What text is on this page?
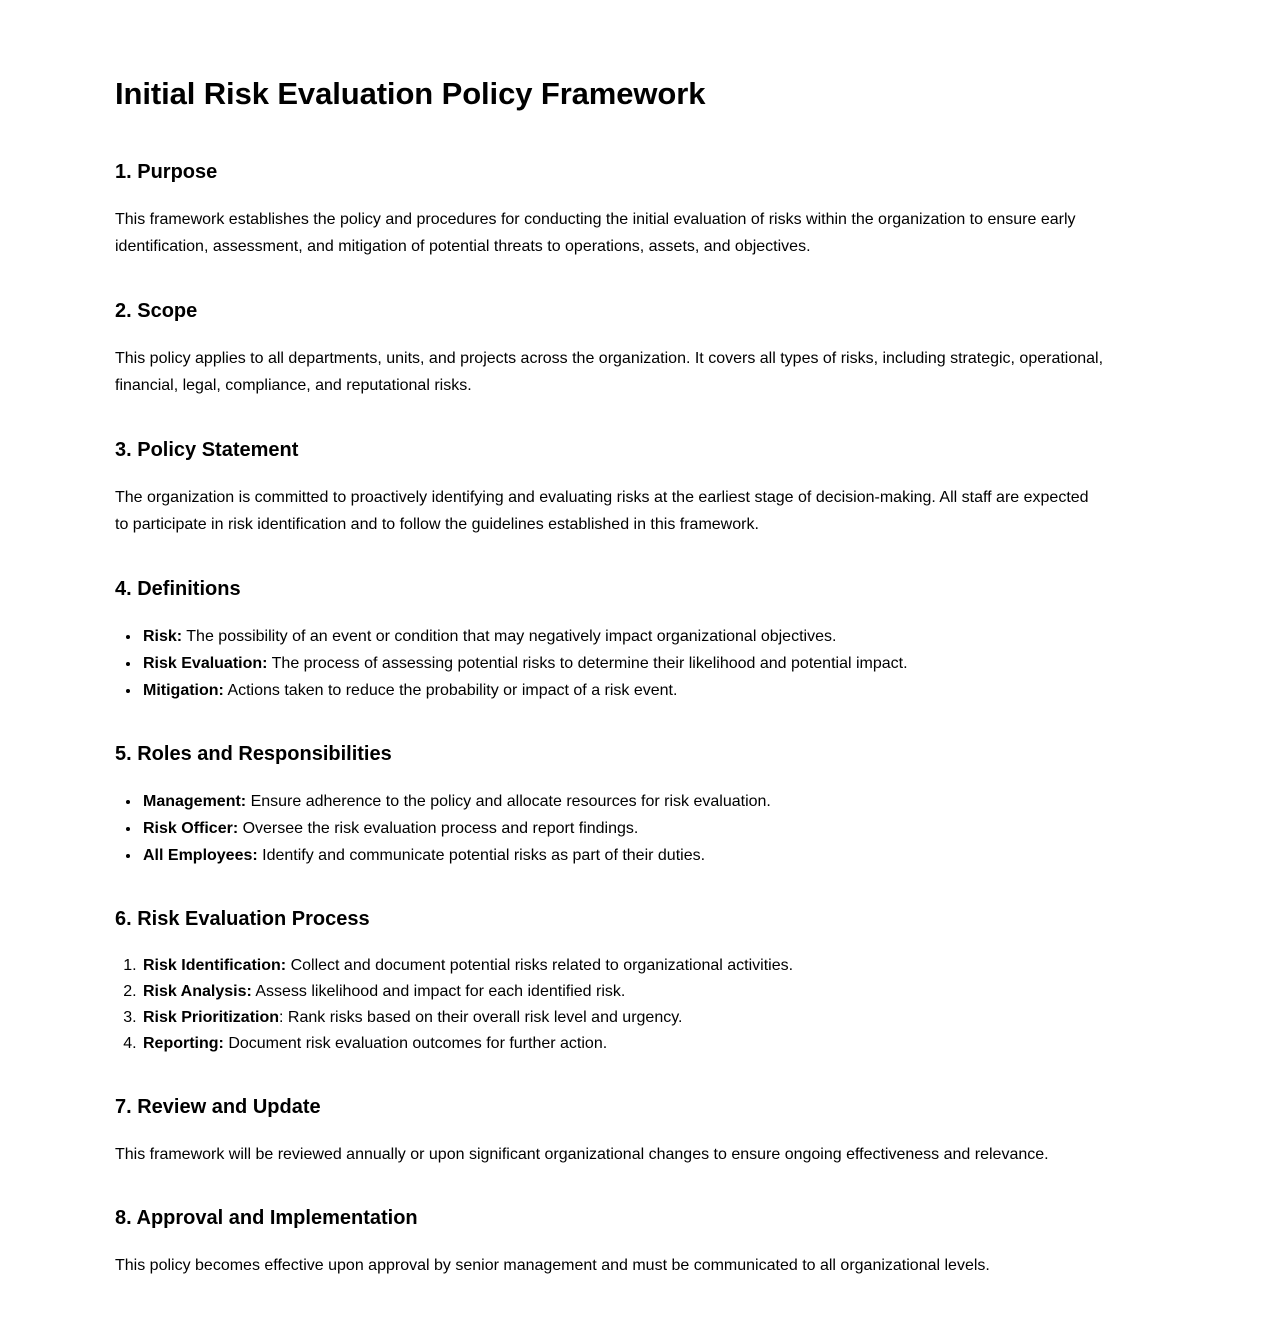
Initial Risk Evaluation Policy Framework
1. Purpose

This framework establishes the policy and procedures for conducting the initial evaluation of risks within the organization to ensure early identification, assessment, and mitigation of potential threats to operations, assets, and objectives.

2. Scope

This policy applies to all departments, units, and projects across the organization. It covers all types of risks, including strategic, operational, financial, legal, compliance, and reputational risks.

3. Policy Statement

The organization is committed to proactively identifying and evaluating risks at the earliest stage of decision-making. All staff are expected to participate in risk identification and to follow the guidelines established in this framework.

4. Definitions
• Risk: The possibility of an event or condition that may negatively impact organizational objectives.
• Risk Evaluation: The process of assessing potential risks to determine their likelihood and potential impact.
• Mitigation: Actions taken to reduce the probability or impact of a risk event.
5. Roles and Responsibilities
• Management: Ensure adherence to the policy and allocate resources for risk evaluation.
• Risk Officer: Oversee the risk evaluation process and report findings.
• All Employees: Identify and communicate potential risks as part of their duties.
6. Risk Evaluation Process
1. Risk Identification: Collect and document potential risks related to organizational activities.
2. Risk Analysis: Assess likelihood and impact for each identified risk.
3. Risk Prioritization: Rank risks based on their overall risk level and urgency.
4. Reporting: Document risk evaluation outcomes for further action.
7. Review and Update

This framework will be reviewed annually or upon significant organizational changes to ensure ongoing effectiveness and relevance.

8. Approval and Implementation

This policy becomes effective upon approval by senior management and must be communicated to all organizational levels.
